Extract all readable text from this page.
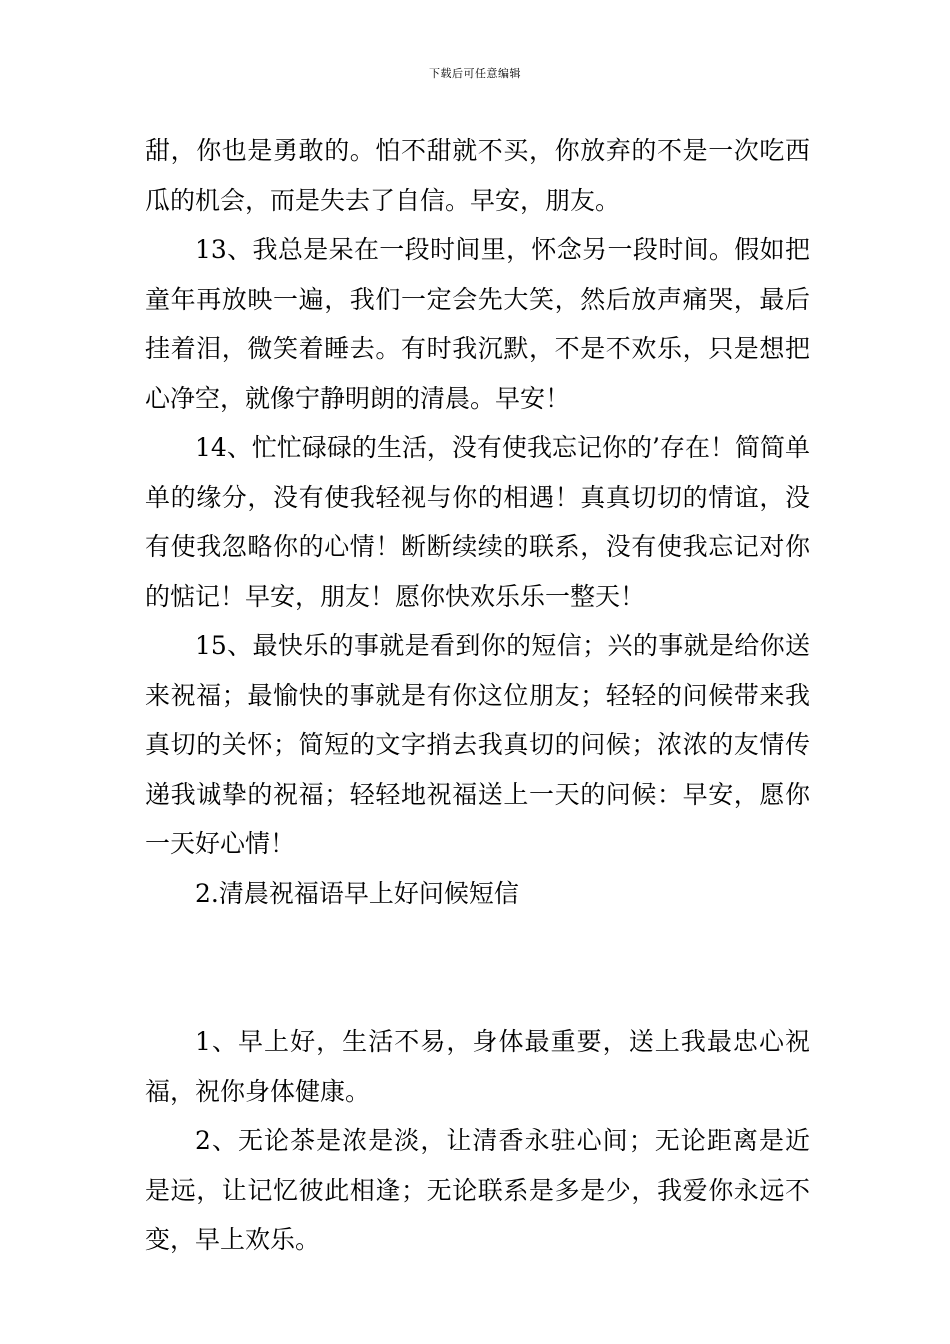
下载后可任意编辑

甜，你也是勇敢的。怕不甜就不买，你放弃的不是一次吃西瓜的机会，而是失去了自信。早安，朋友。

13、我总是呆在一段时间里，怀念另一段时间。假如把童年再放映一遍，我们一定会先大笑，然后放声痛哭，最后挂着泪，微笑着睡去。有时我沉默，不是不欢乐，只是想把心净空，就像宁静明朗的清晨。早安！

14、忙忙碌碌的生活，没有使我忘记你的’存在！简简单单的缘分，没有使我轻视与你的相遇！真真切切的情谊，没有使我忽略你的心情！断断续续的联系，没有使我忘记对你的惦记！早安，朋友！愿你快欢乐乐一整天！

15、最快乐的事就是看到你的短信；兴的事就是给你送来祝福；最愉快的事就是有你这位朋友；轻轻的问候带来我真切的关怀；简短的文字捎去我真切的问候；浓浓的友情传递我诚挚的祝福；轻轻地祝福送上一天的问候：早安，愿你一天好心情！

2.清晨祝福语早上好问候短信

1、早上好，生活不易，身体最重要，送上我最忠心祝福，祝你身体健康。

2、无论茶是浓是淡，让清香永驻心间；无论距离是近是远，让记忆彼此相逢；无论联系是多是少，我爱你永远不变，早上欢乐。
